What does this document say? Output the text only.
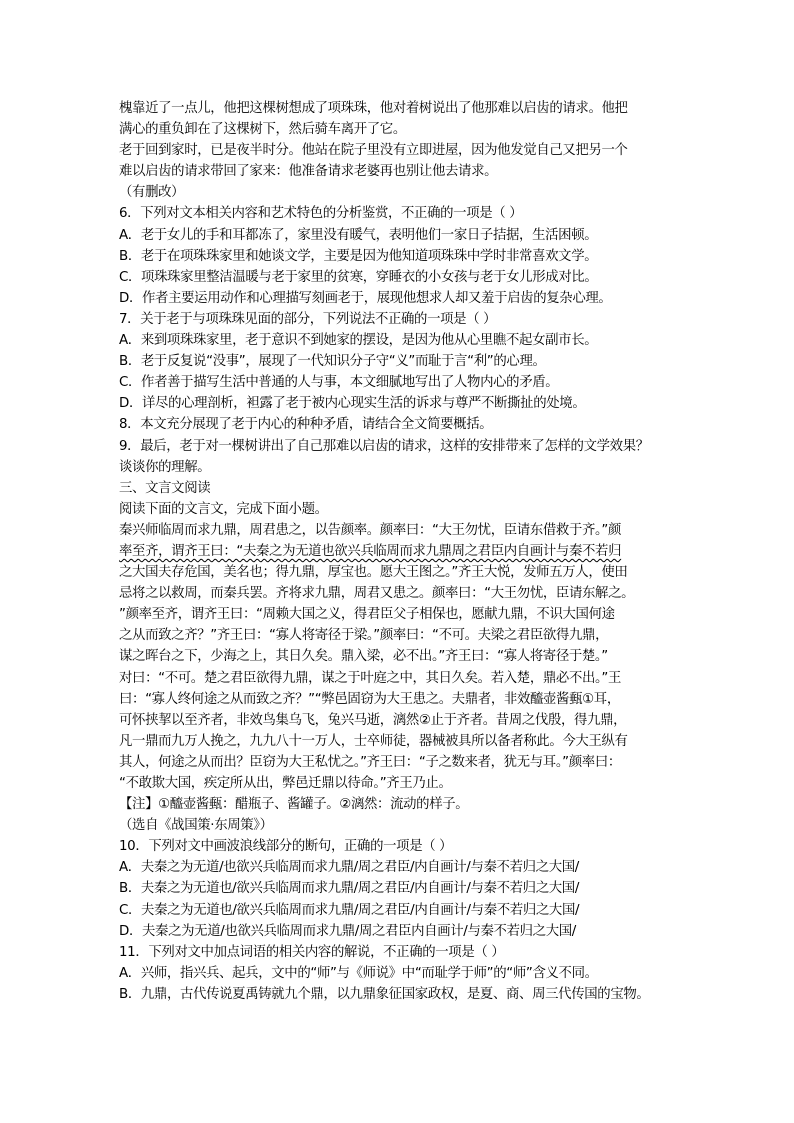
槐靠近了一点儿，他把这棵树想成了项珠珠，他对着树说出了他那难以启齿的请求。他把
满心的重负卸在了这棵树下，然后骑车离开了它。
老于回到家时，已是夜半时分。他站在院子里没有立即进屋，因为他发觉自己又把另一个
难以启齿的请求带回了家来：他准备请求老婆再也别让他去请求。
（有删改）
6．下列对文本相关内容和艺术特色的分析鉴赏，不正确的一项是（ ）
A．老于女儿的手和耳都冻了，家里没有暖气，表明他们一家日子拮据，生活困顿。
B．老于在项珠珠家里和她谈文学，主要是因为他知道项珠珠中学时非常喜欢文学。
C．项珠珠家里整洁温暖与老于家里的贫寒，穿睡衣的小女孩与老于女儿形成对比。
D．作者主要运用动作和心理描写刻画老于，展现他想求人却又羞于启齿的复杂心理。
7．关于老于与项珠珠见面的部分，下列说法不正确的一项是（ ）
A．来到项珠珠家里，老于意识不到她家的摆设，是因为他从心里瞧不起女副市长。
B．老于反复说“没事”，展现了一代知识分子守“义”而耻于言“利”的心理。
C．作者善于描写生活中普通的人与事，本文细腻地写出了人物内心的矛盾。
D．详尽的心理剖析，袒露了老于被内心现实生活的诉求与尊严不断撕扯的处境。
8．本文充分展现了老于内心的种种矛盾，请结合全文简要概括。
9．最后，老于对一棵树讲出了自己那难以启齿的请求，这样的安排带来了怎样的文学效果？
谈谈你的理解。
三、文言文阅读
阅读下面的文言文，完成下面小题。
秦兴师临周而求九鼎，周君患之，以告颜率。颜率曰：“大王勿忧，臣请东借救于齐。”颜
率至齐，谓齐王曰：“夫秦之为无道也欲兴兵临周而求九鼎周之君臣内自画计与秦不若归
之大国夫存危国，美名也；得九鼎，厚宝也。愿大王图之。”齐王大悦，发师五万人，使田
忌将之以救周，而秦兵罢。齐将求九鼎，周君又患之。颜率曰：“大王勿忧，臣请东解之。
”颜率至齐，谓齐王曰：“周赖大国之义，得君臣父子相保也，愿献九鼎，不识大国何途
之从而致之齐？”齐王曰：“寡人将寄径于梁。”颜率曰：“不可。夫梁之君臣欲得九鼎，
谋之晖台之下，少海之上，其日久矣。鼎入梁，必不出。”齐王曰：“寡人将寄径于楚。”
对曰：“不可。楚之君臣欲得九鼎，谋之于叶庭之中，其日久矣。若入楚，鼎必不出。”王
曰：“寡人终何途之从而致之齐？”“弊邑固窃为大王患之。夫鼎者，非效醯壶酱甀①耳，
可怀挟挈以至齐者，非效鸟集乌飞，兔兴马逝，漓然②止于齐者。昔周之伐殷，得九鼎，
凡一鼎而九万人挽之，九九八十一万人，士卒师徒，器械被具所以备者称此。今大王纵有
其人，何途之从而出？臣窃为大王私忧之。”齐王曰：“子之数来者，犹无与耳。”颜率曰：
“不敢欺大国，疾定所从出，弊邑迁鼎以待命。”齐王乃止。
【注】①醯壶酱甀：醋瓶子、酱罐子。②漓然：流动的样子。
（选自《战国策·东周策》）
10．下列对文中画波浪线部分的断句，正确的一项是（ ）
A．夫秦之为无道/也欲兴兵临周而求九鼎/周之君臣/内自画计/与秦不若归之大国/
B．夫秦之为无道也/欲兴兵临周而求九鼎/周之君臣/内自画计/与秦不若归之大国/
C．夫秦之为无道也/欲兴兵临周而求九鼎/周之君臣/内自画计/与秦不若归之大国/
D．夫秦之为无道/也欲兴兵临周而求九鼎/周之君臣内自画计/与秦不若归之大国/
11．下列对文中加点词语的相关内容的解说，不正确的一项是（ ）
A．兴师，指兴兵、起兵，文中的“师”与《师说》中“而耻学于师”的“师”含义不同。
B．九鼎，古代传说夏禹铸就九个鼎，以九鼎象征国家政权，是夏、商、周三代传国的宝物。
